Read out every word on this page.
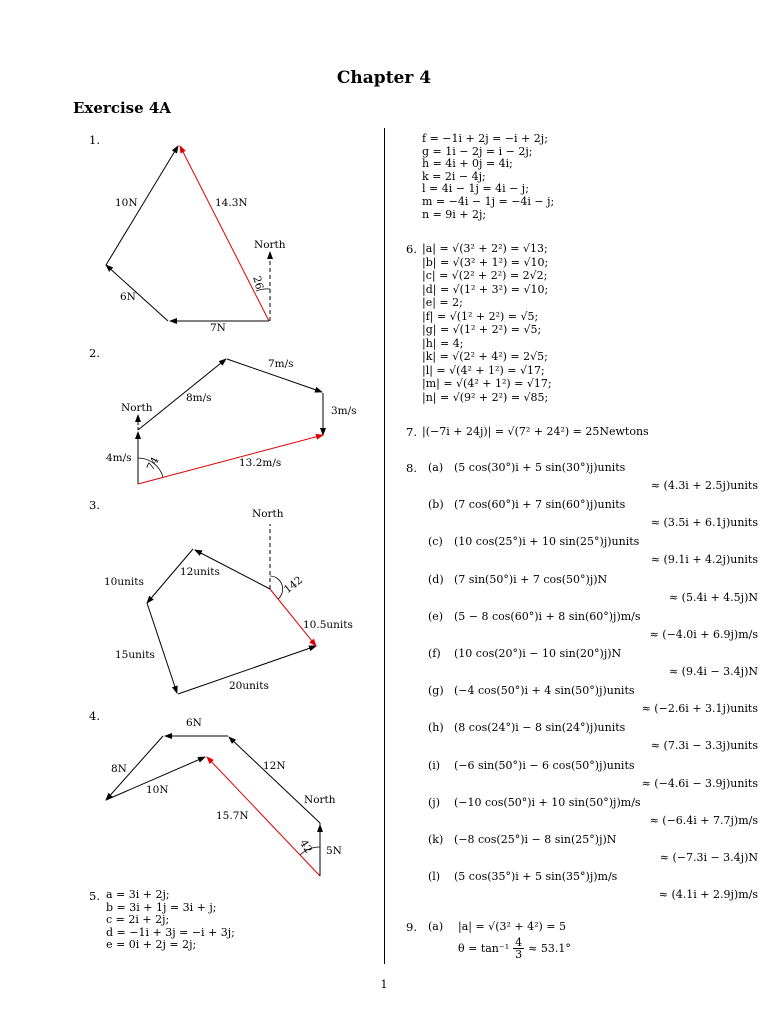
Chapter 4
Exercise 4A
1.
2.
3.
4.
10N	14.3N
North
26
6N
7N
7m/s
8m/s
North	3m/s
4m/s 74	13.2m/s
North
12units
10units	142
10.5units
15units
20units
6N
8N	12N
10N
North
15.7N
42 5N
5. a = 3i + 2j;
b = 3i + 1j = 3i + j;
c = 2i + 2j;
d = −1i + 3j = −i + 3j;
e = 0i + 2j = 2j;
f = −1i + 2j = −i + 2j;
g = 1i − 2j = i − 2j;
h = 4i + 0j = 4i;
k = 2i − 4j;
l = 4i − 1j = 4i − j;
m = −4i − 1j = −4i − j;
n = 9i + 2j;
6. |a| = √(3² + 2²) = √13;
|b| = √(3² + 1²) = √10;
|c| = √(2² + 2²) = 2√2;
|d| = √(1² + 3²) = √10;
|e| = 2;
|f| = √(1² + 2²) = √5;
|g| = √(1² + 2²) = √5;
|h| = 4;
|k| = √(2² + 4²) = 2√5;
|l| = √(4² + 1²) = √17;
|m| = √(4² + 1²) = √17;
|n| = √(9² + 2²) = √85;
7. |(−7i + 24j)| = √(7² + 24²) = 25Newtons
8. (a) (5 cos(30°)i + 5 sin(30°)j)units
≈ (4.3i + 2.5j)units
(b) (7 cos(60°)i + 7 sin(60°)j)units
≈ (3.5i + 6.1j)units
(c) (10 cos(25°)i + 10 sin(25°)j)units
≈ (9.1i + 4.2j)units
(d) (7 sin(50°)i + 7 cos(50°)j)N
≈ (5.4i + 4.5j)N
(e) (5 − 8 cos(60°)i + 8 sin(60°)j)m/s
≈ (−4.0i + 6.9j)m/s
(f) (10 cos(20°)i − 10 sin(20°)j)N
≈ (9.4i − 3.4j)N
(g) (−4 cos(50°)i + 4 sin(50°)j)units
≈ (−2.6i + 3.1j)units
(h) (8 cos(24°)i − 8 sin(24°)j)units
≈ (7.3i − 3.3j)units
(i) (−6 sin(50°)i − 6 cos(50°)j)units
≈ (−4.6i − 3.9j)units
(j) (−10 cos(50°)i + 10 sin(50°)j)m/s
≈ (−6.4i + 7.7j)m/s
(k) (−8 cos(25°)i − 8 sin(25°)j)N
≈ (−7.3i − 3.4j)N
(l) (5 cos(35°)i + 5 sin(35°)j)m/s
≈ (4.1i + 2.9j)m/s
9. (a) |a| = √(3² + 4²) = 5
$\theta = \tan^{-1} \frac{4}{3} \approx 53.1^\circ$
1
